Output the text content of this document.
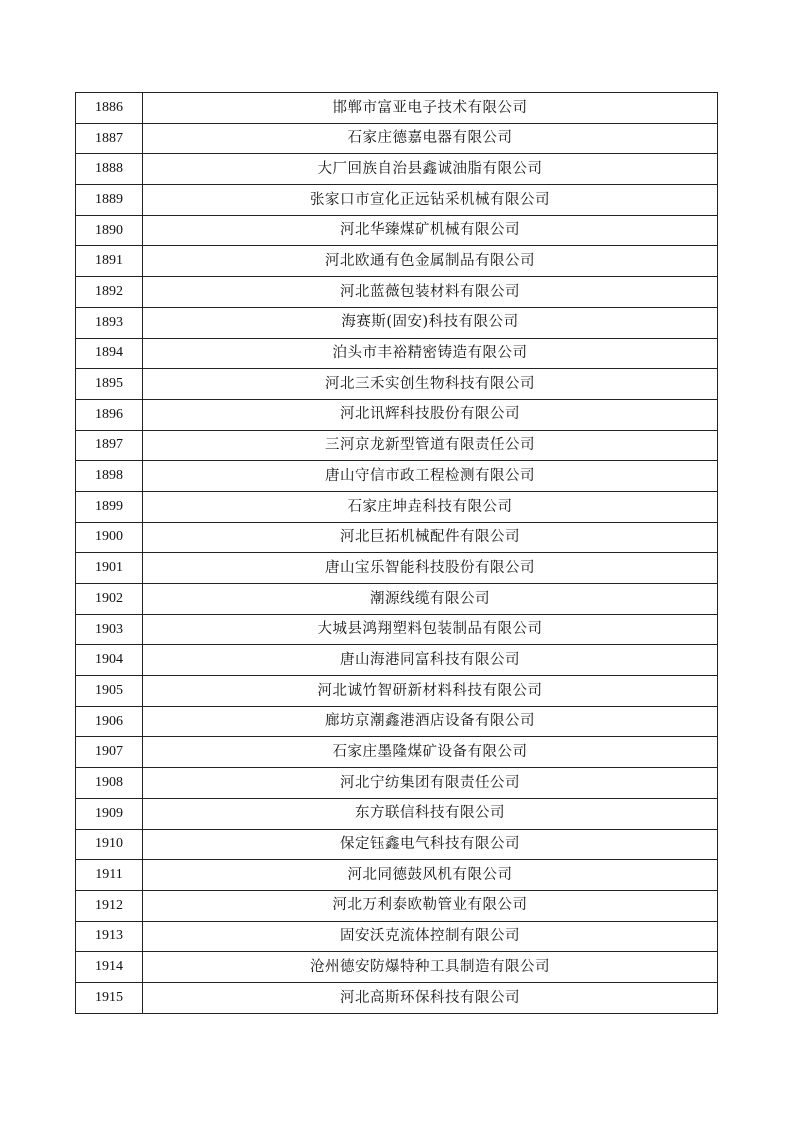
1886	邯郸市富亚电子技术有限公司
1887	石家庄德嘉电器有限公司
1888	大厂回族自治县鑫诚油脂有限公司
1889	张家口市宣化正远钻采机械有限公司
1890	河北华臻煤矿机械有限公司
1891	河北欧通有色金属制品有限公司
1892	河北蓝薇包装材料有限公司
1893	海赛斯(固安)科技有限公司
1894	泊头市丰裕精密铸造有限公司
1895	河北三禾实创生物科技有限公司
1896	河北讯辉科技股份有限公司
1897	三河京龙新型管道有限责任公司
1898	唐山守信市政工程检测有限公司
1899	石家庄坤垚科技有限公司
1900	河北巨拓机械配件有限公司
1901	唐山宝乐智能科技股份有限公司
1902	潮源线缆有限公司
1903	大城县鸿翔塑料包装制品有限公司
1904	唐山海港同富科技有限公司
1905	河北诚竹智研新材料科技有限公司
1906	廊坊京潮鑫港酒店设备有限公司
1907	石家庄墨隆煤矿设备有限公司
1908	河北宁纺集团有限责任公司
1909	东方联信科技有限公司
1910	保定钰鑫电气科技有限公司
1911	河北同德鼓风机有限公司
1912	河北万利泰欧勒管业有限公司
1913	固安沃克流体控制有限公司
1914	沧州德安防爆特种工具制造有限公司
1915	河北高斯环保科技有限公司
